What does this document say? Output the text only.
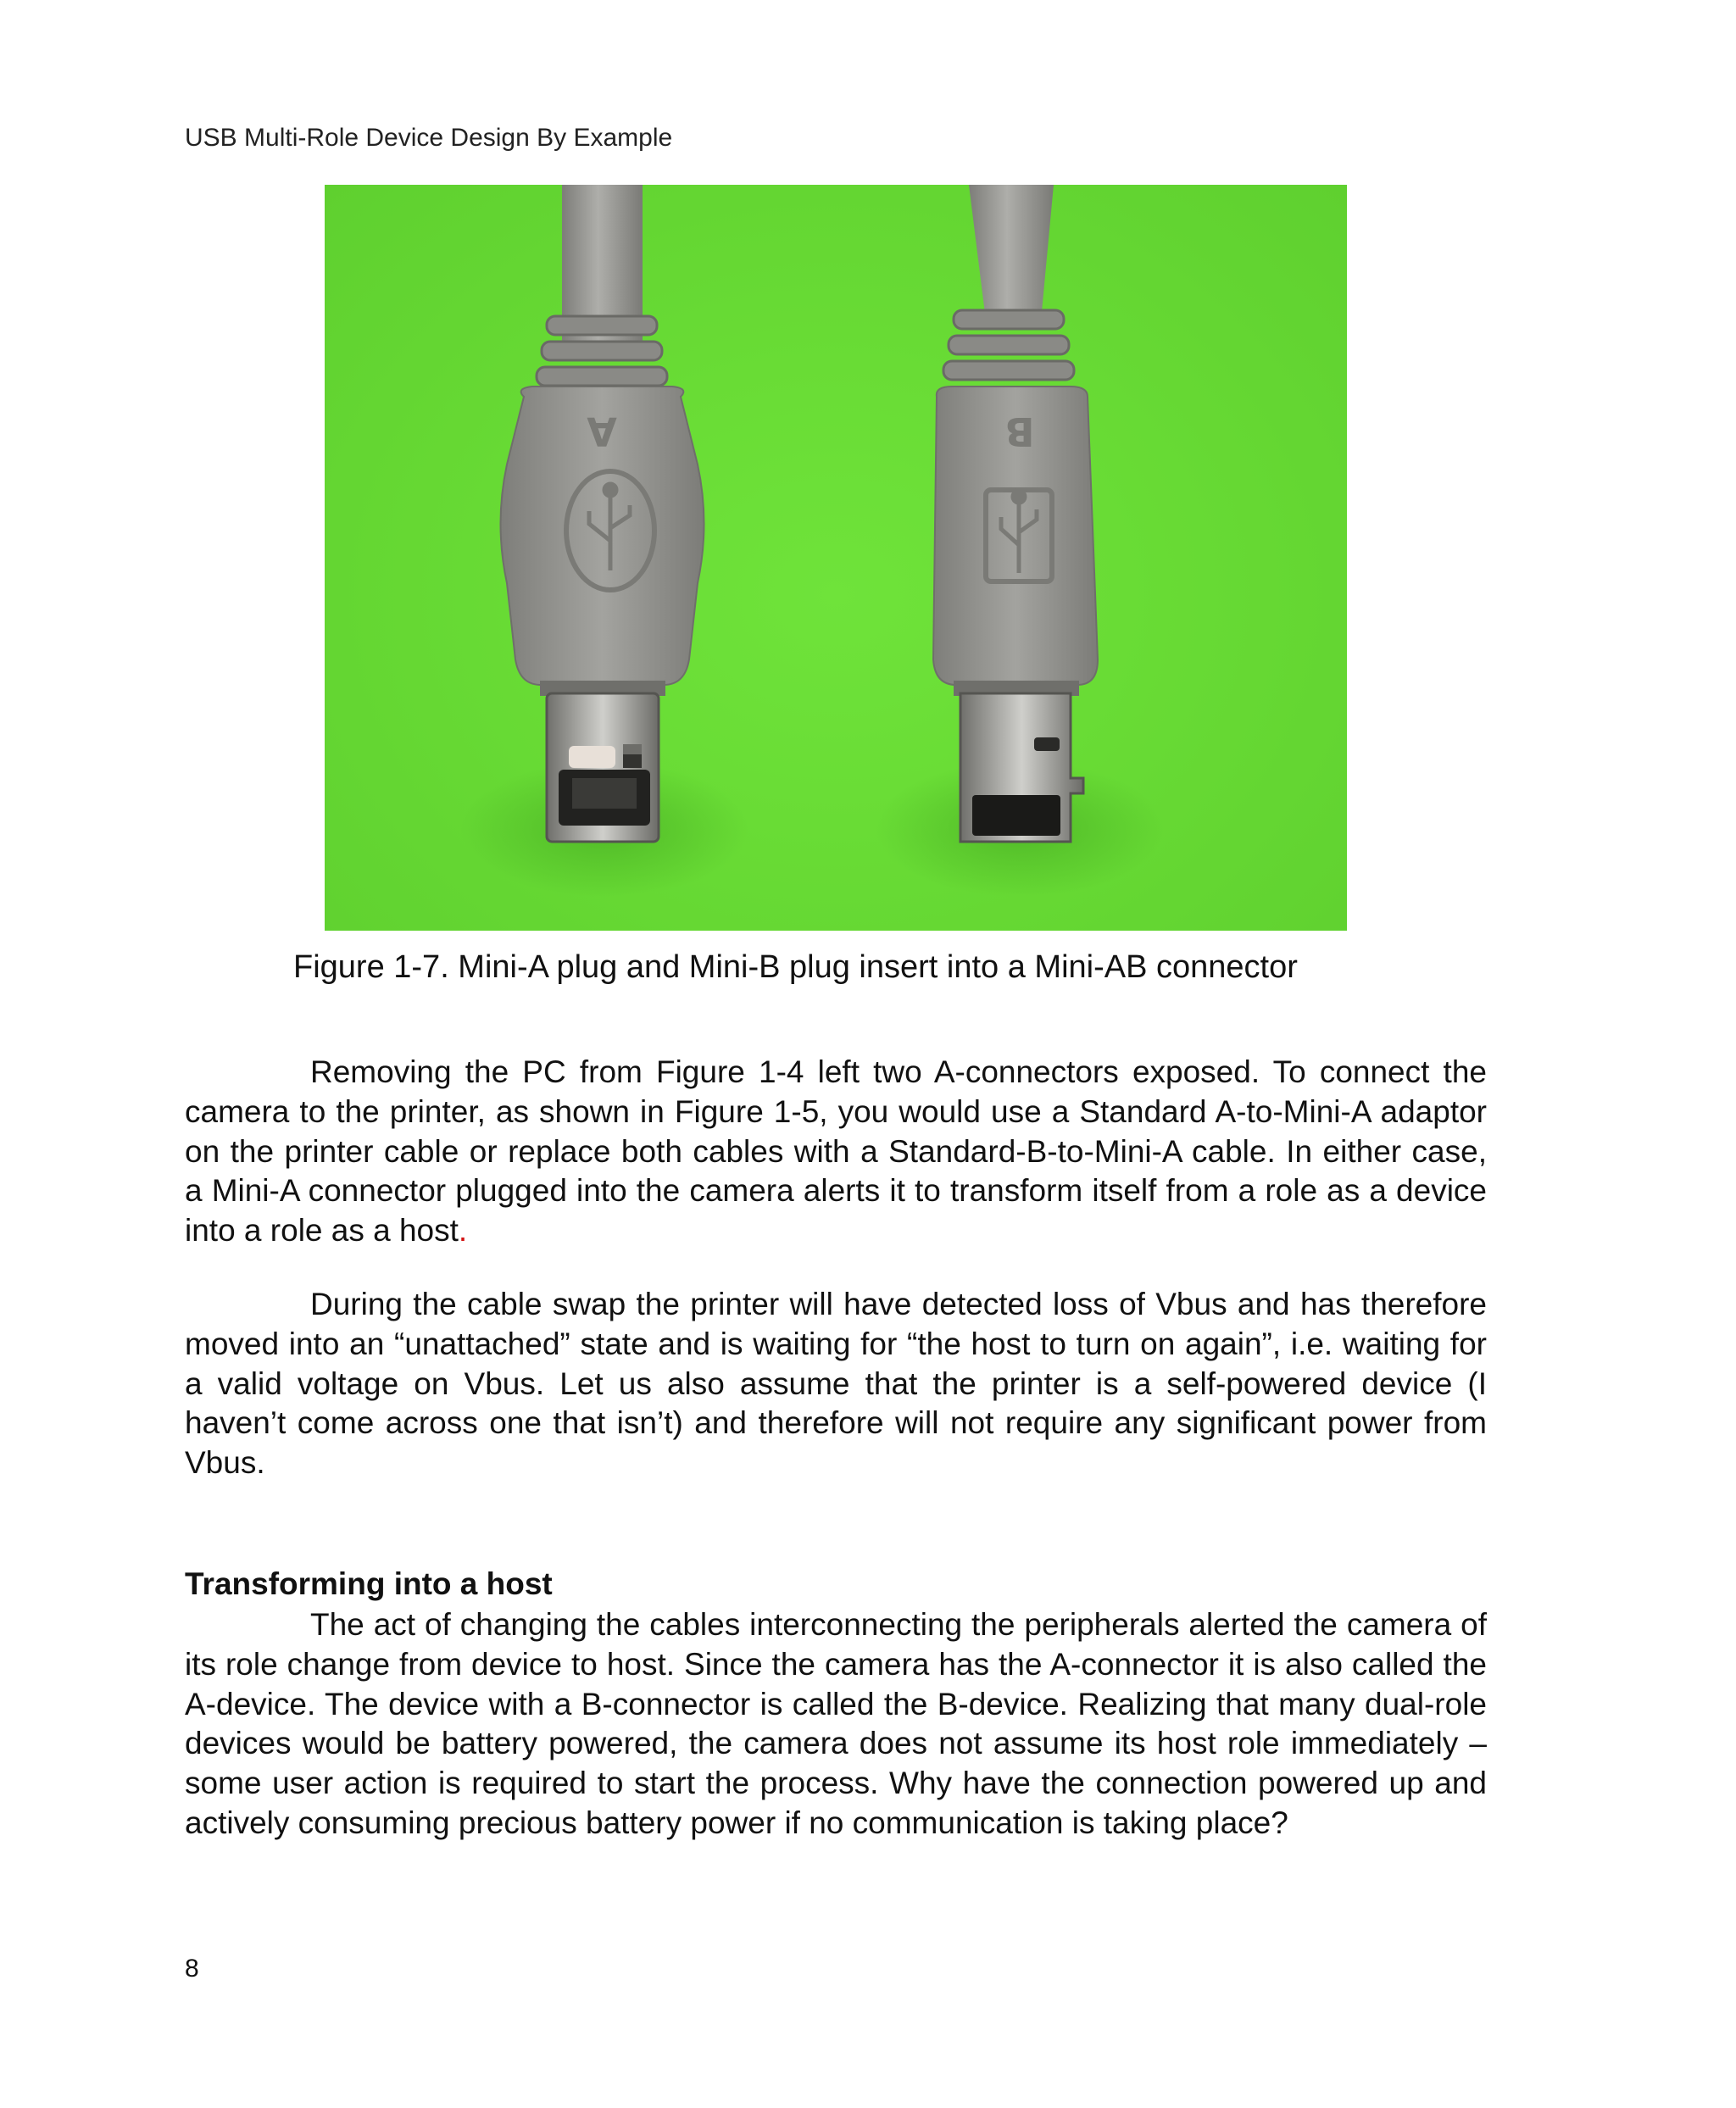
USB Multi-Role Device Design By Example
A	B
Figure 1-7. Mini-A plug and Mini-B plug insert into a Mini-AB connector

Removing the PC from Figure 1-4 left two A-connectors exposed. To connect the camera to the printer, as shown in Figure 1-5, you would use a Standard A-to-Mini-A adaptor on the printer cable or replace both cables with a Standard-B-to-Mini-A cable. In either case, a Mini-A connector plugged into the camera alerts it to transform itself from a role as a device into a role as a host.

During the cable swap the printer will have detected loss of Vbus and has therefore moved into an “unattached” state and is waiting for “the host to turn on again”, i.e. waiting for a valid voltage on Vbus. Let us also assume that the printer is a self-powered device (I haven’t come across one that isn’t) and therefore will not require any significant power from Vbus.

Transforming into a host

The act of changing the cables interconnecting the peripherals alerted the camera of its role change from device to host. Since the camera has the A-connector it is also called the A-device. The device with a B-connector is called the B-device. Realizing that many dual-role devices would be battery powered, the camera does not assume its host role immediately – some user action is required to start the process. Why have the connection powered up and actively consuming precious battery power if no communication is taking place?

8
